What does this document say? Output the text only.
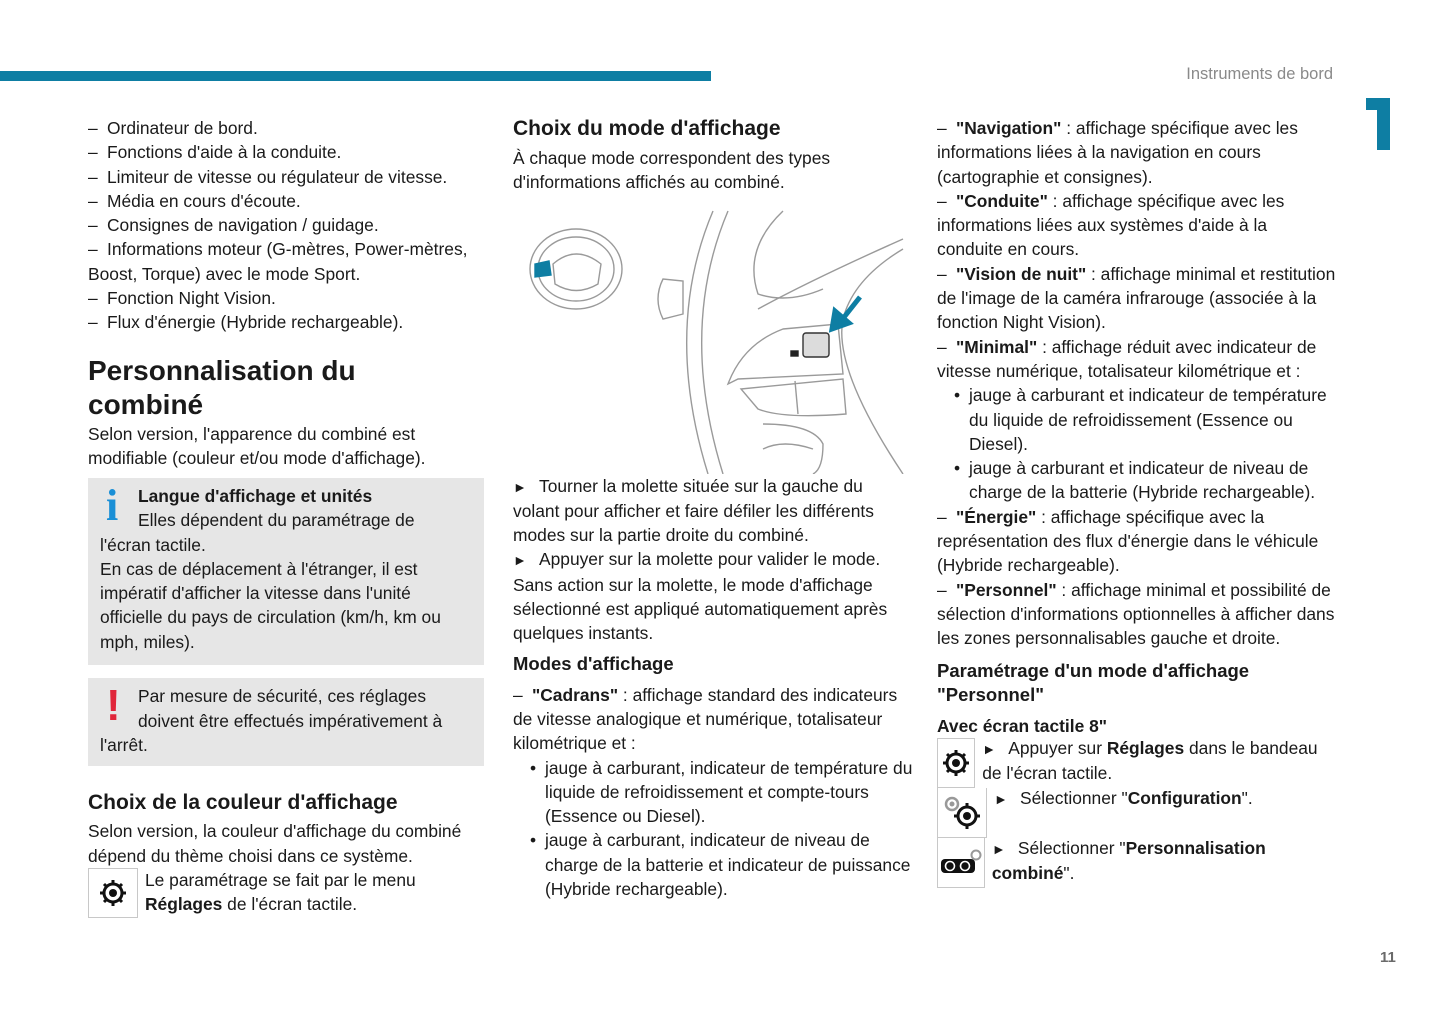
Instruments de bord
11
– Ordinateur de bord.
– Fonctions d'aide à la conduite.
– Limiteur de vitesse ou régulateur de vitesse.
– Média en cours d'écoute.
– Consignes de navigation / guidage.
– Informations moteur (G-mètres, Power-mètres, Boost, Torque) avec le mode Sport.
– Fonction Night Vision.
– Flux d'énergie (Hybride rechargeable).
Personnalisation du combiné

Selon version, l'apparence du combiné est modifiable (couleur et/ou mode d'affichage).

i	Langue d'affichage et unités
Elles dépendent du paramétrage de
l'écran tactile.
En cas de déplacement à l'étranger, il est impératif d'afficher la vitesse dans l'unité officielle du pays de circulation (km/h, km ou mph, miles).
! Par mesure de sécurité, ces réglages
doivent être effectués impérativement à
l'arrêt.
Choix de la couleur d'affichage

Selon version, la couleur d'affichage du combiné dépend du thème choisi dans ce système.

Le paramétrage se fait par le menu
Réglages de l'écran tactile.
Choix du mode d'affichage

À chaque mode correspondent des types d'informations affichés au combiné.

► Tourner la molette située sur la gauche du volant pour afficher et faire défiler les différents modes sur la partie droite du combiné.

► Appuyer sur la molette pour valider le mode.

Sans action sur la molette, le mode d'affichage sélectionné est appliqué automatiquement après quelques instants.

Modes d'affichage

– "Cadrans" : affichage standard des indicateurs de vitesse analogique et numérique, totalisateur kilométrique et :

• jauge à carburant, indicateur de température du liquide de refroidissement et compte-tours (Essence ou Diesel).
• jauge à carburant, indicateur de niveau de charge de la batterie et indicateur de puissance (Hybride rechargeable).

– "Navigation" : affichage spécifique avec les informations liées à la navigation en cours (cartographie et consignes).

– "Conduite" : affichage spécifique avec les informations liées aux systèmes d'aide à la conduite en cours.

– "Vision de nuit" : affichage minimal et restitution de l'image de la caméra infrarouge (associée à la fonction Night Vision).

– "Minimal" : affichage réduit avec indicateur de vitesse numérique, totalisateur kilométrique et :

• jauge à carburant et indicateur de température du liquide de refroidissement (Essence ou Diesel).
• jauge à carburant et indicateur de niveau de charge de la batterie (Hybride rechargeable).

– "Énergie" : affichage spécifique avec la représentation des flux d'énergie dans le véhicule (Hybride rechargeable).

– "Personnel" : affichage minimal et possibilité de sélection d'informations optionnelles à afficher dans les zones personnalisables gauche et droite.

Paramétrage d'un mode d'affichage "Personnel"
Avec écran tactile 8"
► Appuyer sur Réglages dans le bandeau de l'écran tactile.
► Sélectionner "Configuration".
► Sélectionner "Personnalisation combiné".
